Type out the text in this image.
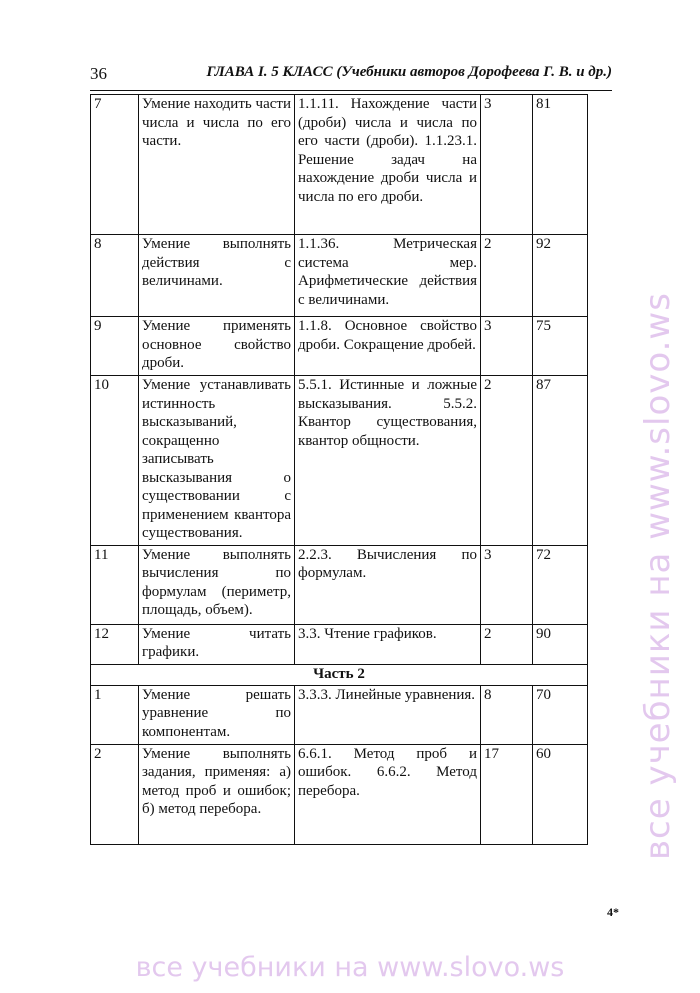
36	ГЛАВА I. 5 КЛАСС (Учебники авторов Дорофеева Г. В. и др.)
7	Умение находить части числа и числа по его части.	1.1.11. Нахождение части (дроби) числа и числа по его части (дроби). 1.1.23.1. Решение задач на нахождение дроби числа и числа по его дроби.	3	81
8	Умение выполнять действия с величинами.	1.1.36. Метрическая система мер. Арифметические действия с величинами.	2	92
9	Умение применять основное свойство дроби.	1.1.8. Основное свойство дроби. Сокращение дробей.	3	75
10	Умение устанавливать истинность высказываний, сокращенно записывать высказывания о существовании с применением квантора существования.	5.5.1. Истинные и ложные высказывания. 5.5.2. Квантор существования, квантор общности.	2	87
11	Умение выполнять вычисления по формулам (периметр, площадь, объем).	2.2.3. Вычисления по формулам.	3	72
12	Умение читать графики.	3.3. Чтение графиков.	2	90
Часть 2				
1	Умение решать уравнение по компонентам.	3.3.3. Линейные уравнения.	8	70
2	Умение выполнять задания, применяя: а) метод проб и ошибок; б) метод перебора.	6.6.1. Метод проб и ошибок. 6.6.2. Метод перебора.	17	60
4*
все учебники на www.slovo.ws
все учебники на www.slovo.ws
